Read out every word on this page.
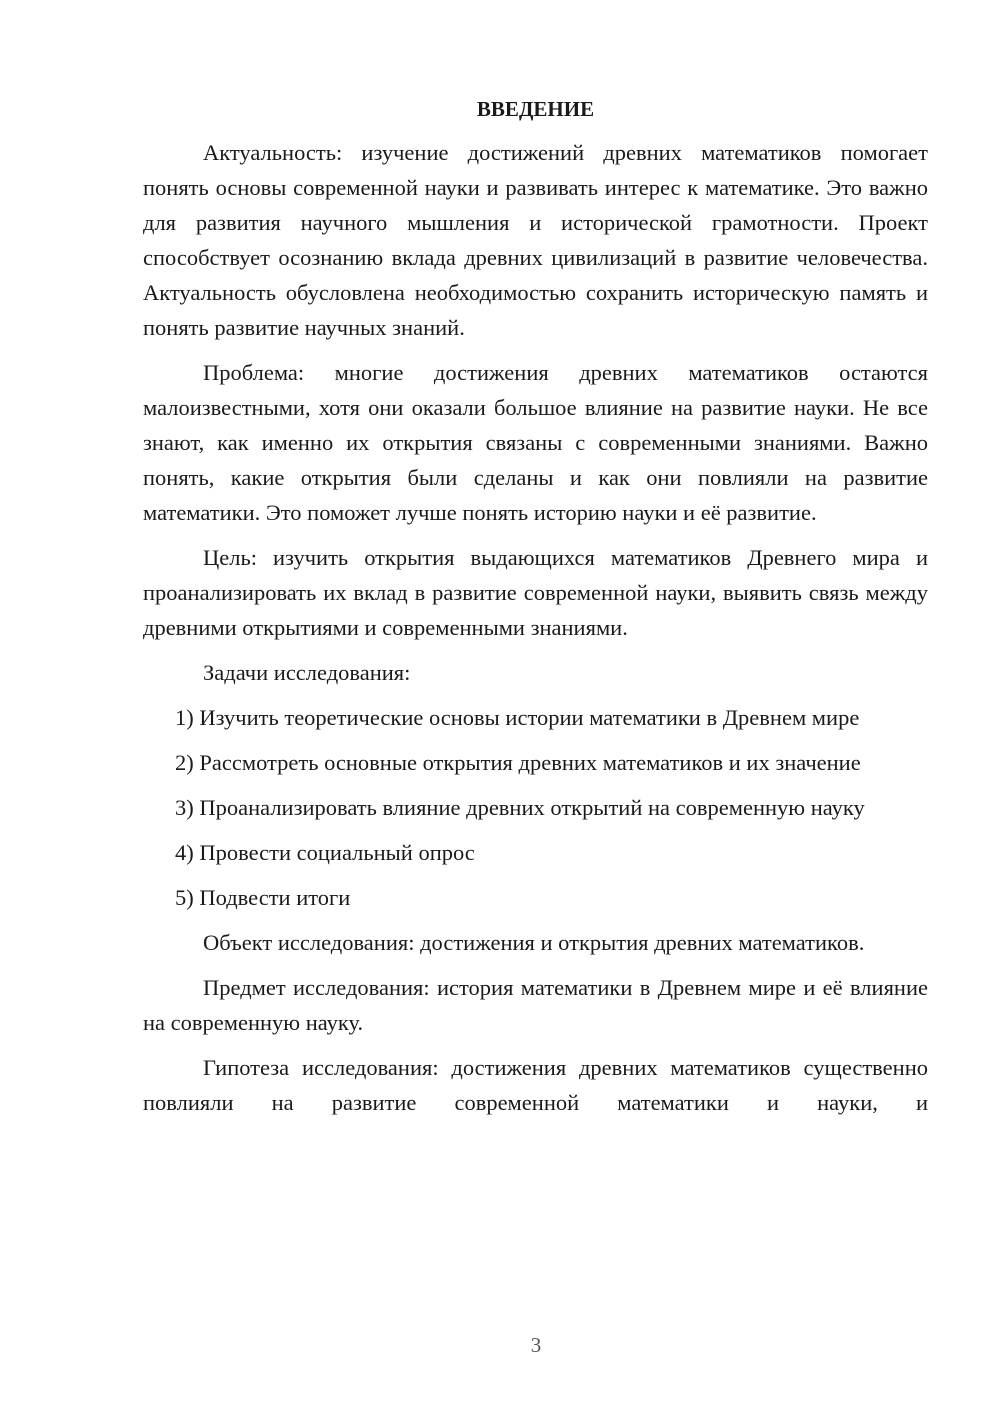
ВВЕДЕНИЕ

Актуальность: изучение достижений древних математиков помогает понять основы современной науки и развивать интерес к математике. Это важно для развития научного мышления и исторической грамотности. Проект способствует осознанию вклада древних цивилизаций в развитие человечества. Актуальность обусловлена необходимостью сохранить историческую память и понять развитие научных знаний.

Проблема: многие достижения древних математиков остаются малоизвестными, хотя они оказали большое влияние на развитие науки. Не все знают, как именно их открытия связаны с современными знаниями. Важно понять, какие открытия были сделаны и как они повлияли на развитие математики. Это поможет лучше понять историю науки и её развитие.

Цель: изучить открытия выдающихся математиков Древнего мира и проанализировать их вклад в развитие современной науки, выявить связь между древними открытиями и современными знаниями.

Задачи исследования:

1) Изучить теоретические основы истории математики в Древнем мире

2) Рассмотреть основные открытия древних математиков и их значение

3) Проанализировать влияние древних открытий на современную науку

4) Провести социальный опрос

5) Подвести итоги

Объект исследования: достижения и открытия древних математиков.

Предмет исследования: история математики в Древнем мире и её влияние на современную науку.

Гипотеза исследования: достижения древних математиков существенно повлияли на развитие современной математики и науки, и

3
